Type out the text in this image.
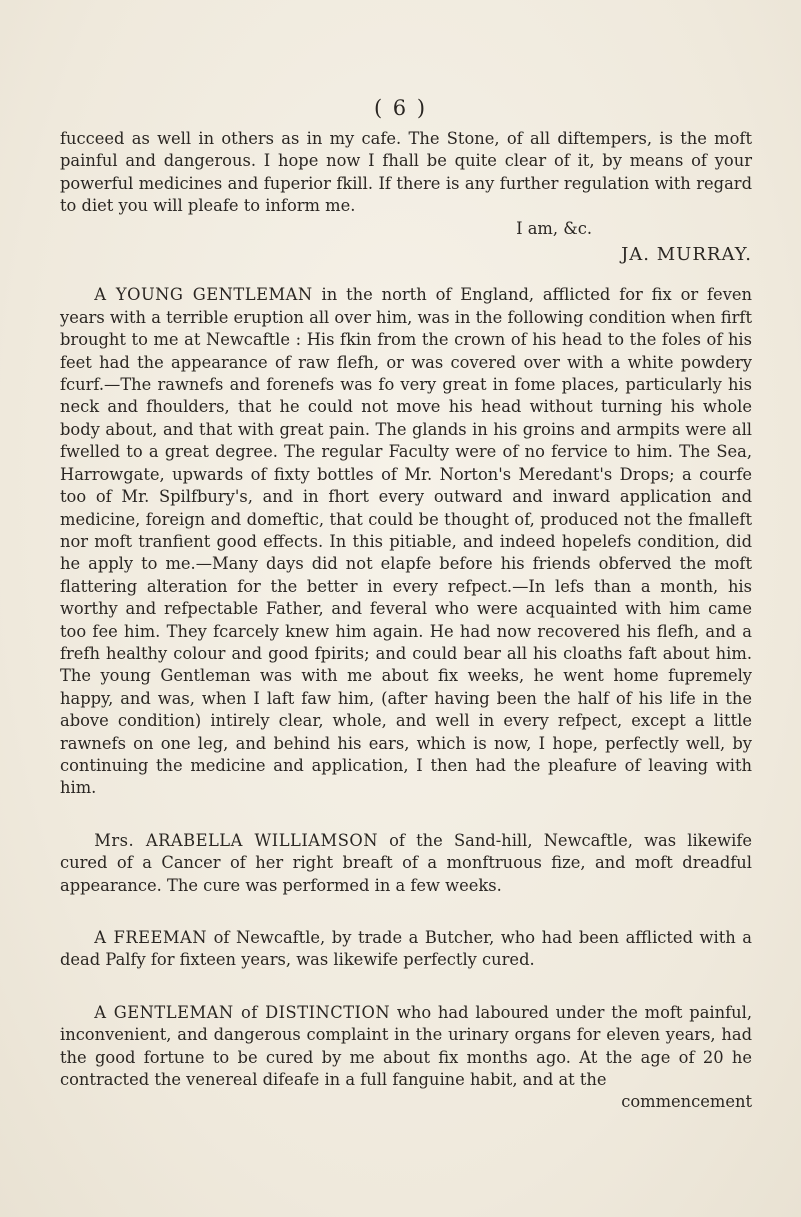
( 6 )

fucceed as well in others as in my cafe. The Stone, of all diftempers, is the moft painful and dangerous. I hope now I fhall be quite clear of it, by means of your powerful medicines and fuperior fkill. If there is any further regulation with regard to diet you will pleafe to inform me.

I am, &c.

JA. MURRAY.

A YOUNG GENTLEMAN in the north of England, afflicted for fix or feven years with a terrible eruption all over him, was in the following condition when firft brought to me at Newcaftle : His fkin from the crown of his head to the foles of his feet had the appearance of raw flefh, or was covered over with a white powdery fcurf.—The rawnefs and forenefs was fo very great in fome places, particularly his neck and fhoulders, that he could not move his head without turning his whole body about, and that with great pain. The glands in his groins and armpits were all fwelled to a great degree. The regular Faculty were of no fervice to him. The Sea, Harrowgate, upwards of fixty bottles of Mr. Norton's Meredant's Drops; a courfe too of Mr. Spilfbury's, and in fhort every outward and inward application and medicine, foreign and domeftic, that could be thought of, produced not the fmalleft nor moft tranfient good effects. In this pitiable, and indeed hopelefs condition, did he apply to me.—Many days did not elapfe before his friends obferved the moft flattering alteration for the better in every refpect.—In lefs than a month, his worthy and refpectable Father, and feveral who were acquainted with him came too fee him. They fcarcely knew him again. He had now recovered his flefh, and a frefh healthy colour and good fpirits; and could bear all his cloaths faft about him. The young Gentleman was with me about fix weeks, he went home fupremely happy, and was, when I laft faw him, (after having been the half of his life in the above condition) intirely clear, whole, and well in every refpect, except a little rawnefs on one leg, and behind his ears, which is now, I hope, perfectly well, by continuing the medicine and application, I then had the pleafure of leaving with him.

Mrs. ARABELLA WILLIAMSON of the Sand-hill, Newcaftle, was likewife cured of a Cancer of her right breaft of a monftruous fize, and moft dreadful appearance. The cure was performed in a few weeks.

A FREEMAN of Newcaftle, by trade a Butcher, who had been afflicted with a dead Palfy for fixteen years, was likewife perfectly cured.

A GENTLEMAN of DISTINCTION who had laboured under the moft painful, inconvenient, and dangerous complaint in the urinary organs for eleven years, had the good fortune to be cured by me about fix months ago. At the age of 20 he contracted the venereal difeafe in a full fanguine habit, and at the

commencement
